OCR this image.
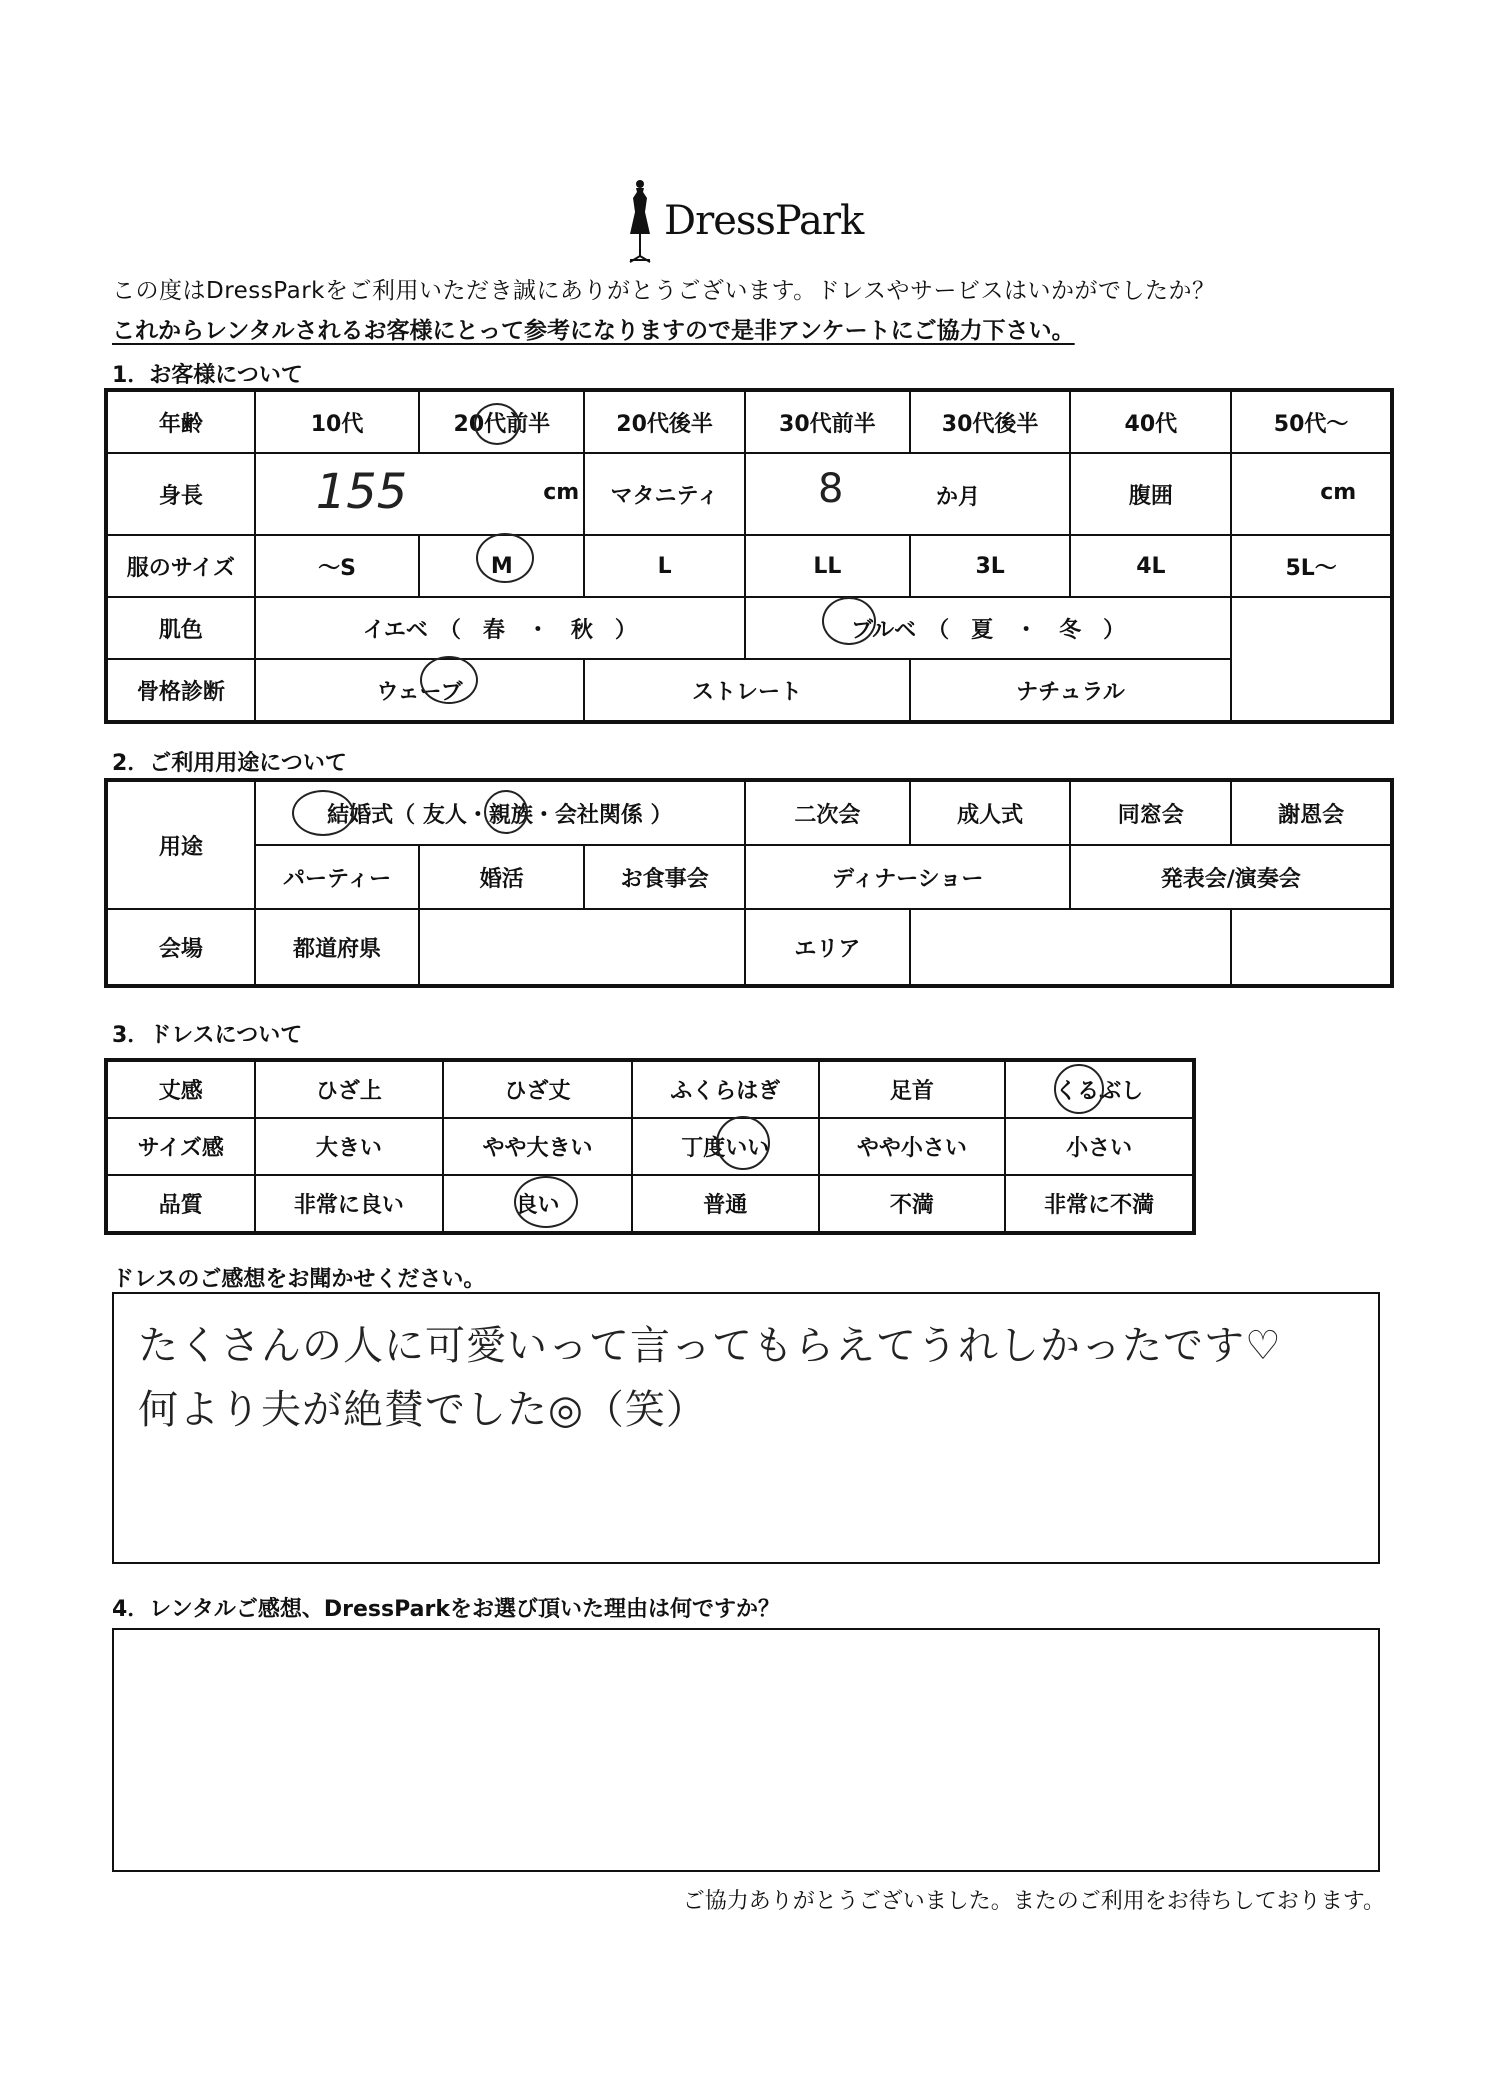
DressPark
この度はDressParkをご利用いただき誠にありがとうございます。ドレスやサービスはいかがでしたか？
これからレンタルされるお客様にとって参考になりますので是非アンケートにご協力下さい。
1．お客様について
年齢	10代	20代前半	20代後半	30代前半	30代後半	40代	50代～
身長	155 cm		マタニティ	8 か月		腹囲	cm

服のサイズ	～S	M	L	LL	3L	4L	5L～
肌色	イエベ　（　春　・　秋　）			ブルベ　（　夏　・　冬　）			
骨格診断	ウェーブ		ストレート		ナチュラル		
2．ご利用用途について
用途	結婚式（ 友人・親族・会社関係 ）			二次会	成人式	同窓会	謝恩会
	パーティー	婚活	お食事会	ディナーショー		発表会/演奏会	
会場	都道府県			エリア			
3．ドレスについて
丈感	ひざ上	ひざ丈	ふくらはぎ	足首	くるぶし
サイズ感	大きい	やや大きい	丁度いい	やや小さい	小さい
品質	非常に良い	良い	普通	不満	非常に不満
ドレスのご感想をお聞かせください。
たくさんの人に可愛いって言ってもらえてうれしかったです♡
何より夫が絶賛でした◎（笑）
4．レンタルご感想、DressParkをお選び頂いた理由は何ですか？
ご協力ありがとうございました。またのご利用をお待ちしております。
